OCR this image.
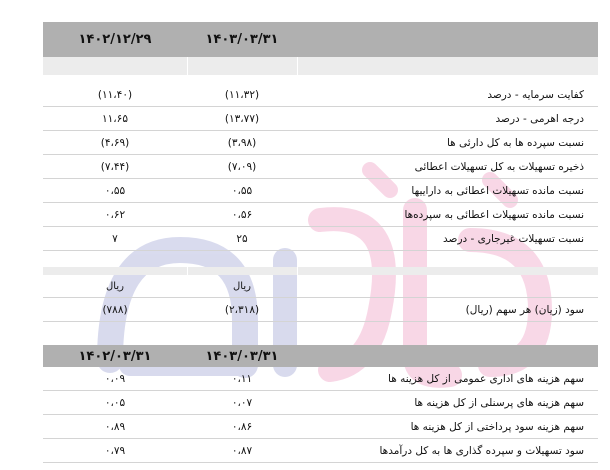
۱۴۰۲/۱۲/۲۹	۱۴۰۳/۰۳/۳۱	

(۱۱،۴۰)	(۱۱،۳۲)	کفایت سرمایه - درصد
۱۱،۶۵	(۱۳،۷۷)	درجه اهرمی - درصد
(۴،۶۹)	(۳،۹۸)	نسبت سپرده ها به کل دارئی ها
(۷،۴۴)	(۷،۰۹)	ذخیره تسهیلات به کل تسهیلات اعطائی
۰،۵۵	۰،۵۵	نسبت مانده تسهیلات اعطائی به داراییها
۰،۶۲	۰،۵۶	نسبت مانده تسهیلات اعطائی به سپرده‌ها
۷	۲۵	نسبت تسهیلات غیرجاری - درصد

ریال	ریال	
(۷۸۸)	(۲،۳۱۸)	سود (زیان) هر سهم (ریال)
۱۴۰۲/۰۳/۳۱	۱۴۰۳/۰۳/۳۱	
۰،۰۹	۰،۱۱	سهم هزینه های اداری عمومی از کل هزینه ها
۰،۰۵	۰،۰۷	سهم هزینه های پرسنلی از کل هزینه ها
۰،۸۹	۰،۸۶	سهم هزینه سود پرداختی از کل هزینه ها
۰،۷۹	۰،۸۷	سود تسهیلات و سپرده گذاری ها به کل درآمدها
